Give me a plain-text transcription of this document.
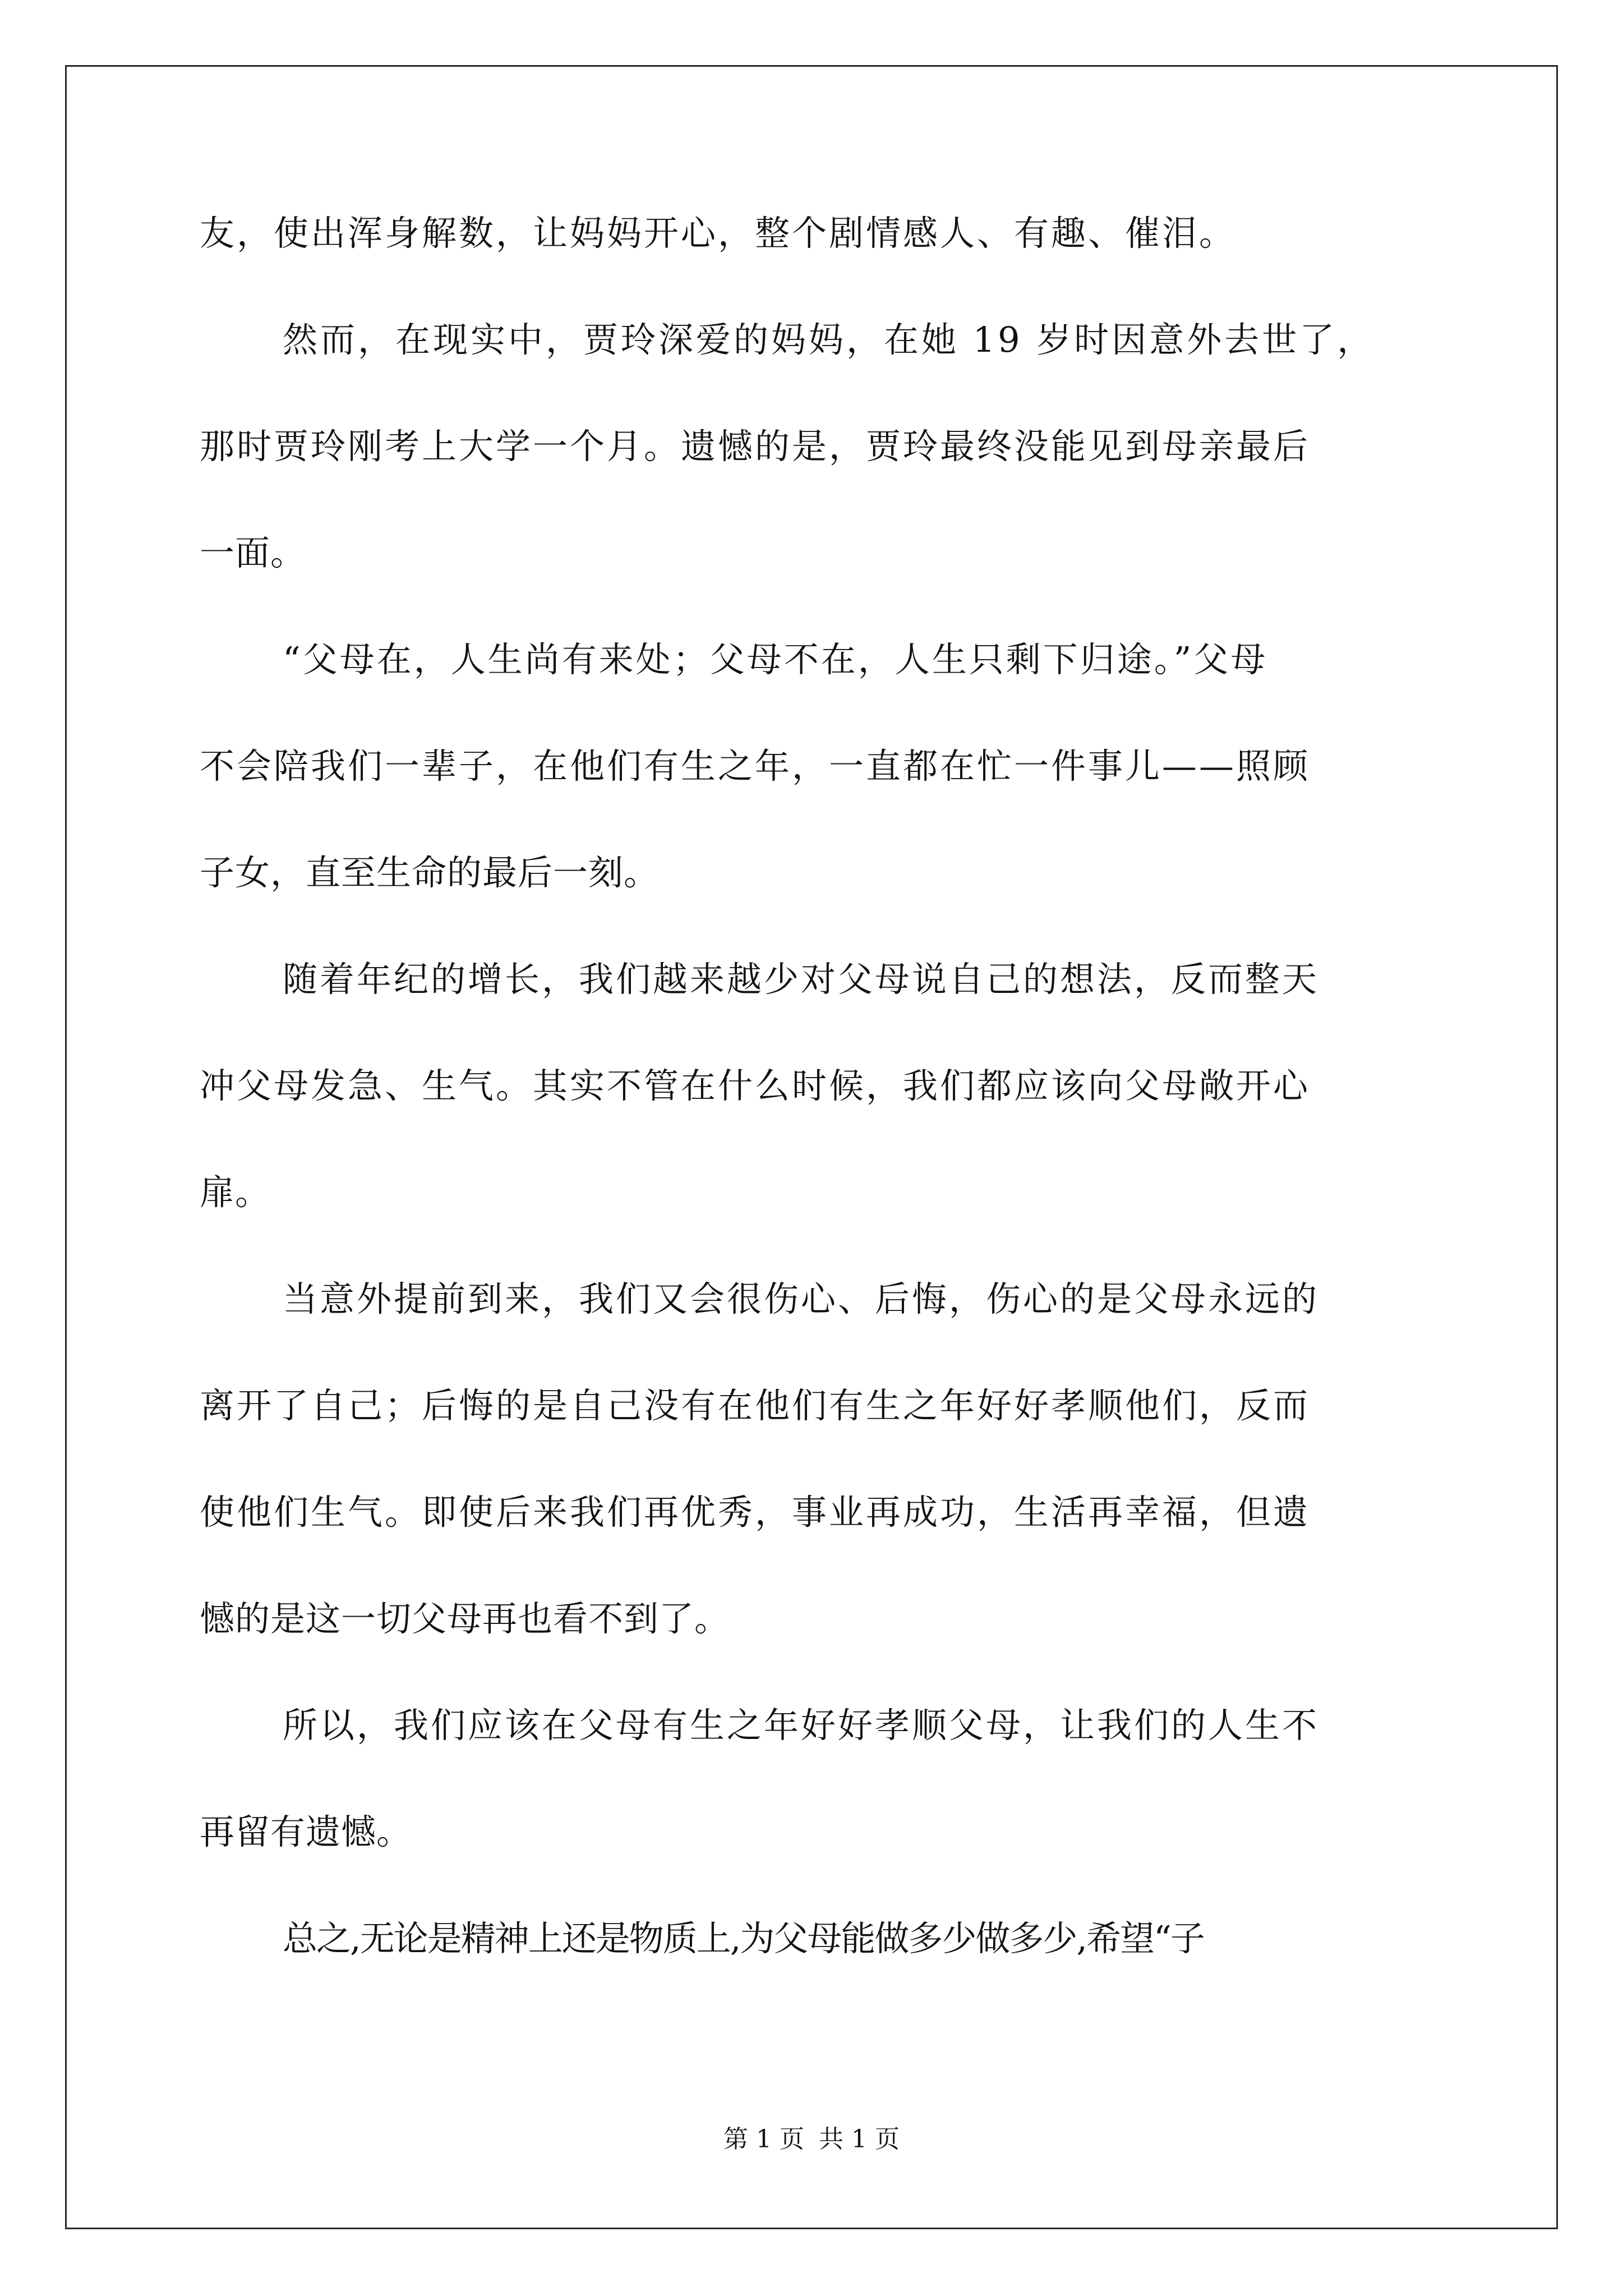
友，使出浑身解数，让妈妈开心，整个剧情感人、有趣、催泪。
然而，在现实中，贾玲深爱的妈妈，在她 19 岁时因意外去世了，
那时贾玲刚考上大学一个月。遗憾的是，贾玲最终没能见到母亲最后
一面。
“父母在，人生尚有来处；父母不在，人生只剩下归途。”父母
不会陪我们一辈子，在他们有生之年，一直都在忙一件事儿——照顾
子女，直至生命的最后一刻。
随着年纪的增长，我们越来越少对父母说自己的想法，反而整天
冲父母发急、生气。其实不管在什么时候，我们都应该向父母敞开心
扉。
当意外提前到来，我们又会很伤心、后悔，伤心的是父母永远的
离开了自己；后悔的是自己没有在他们有生之年好好孝顺他们，反而
使他们生气。即使后来我们再优秀，事业再成功，生活再幸福，但遗
憾的是这一切父母再也看不到了。
所以，我们应该在父母有生之年好好孝顺父母，让我们的人生不
再留有遗憾。
总之,无论是精神上还是物质上,为父母能做多少做多少,希望“子
第 1 页 共 1 页
